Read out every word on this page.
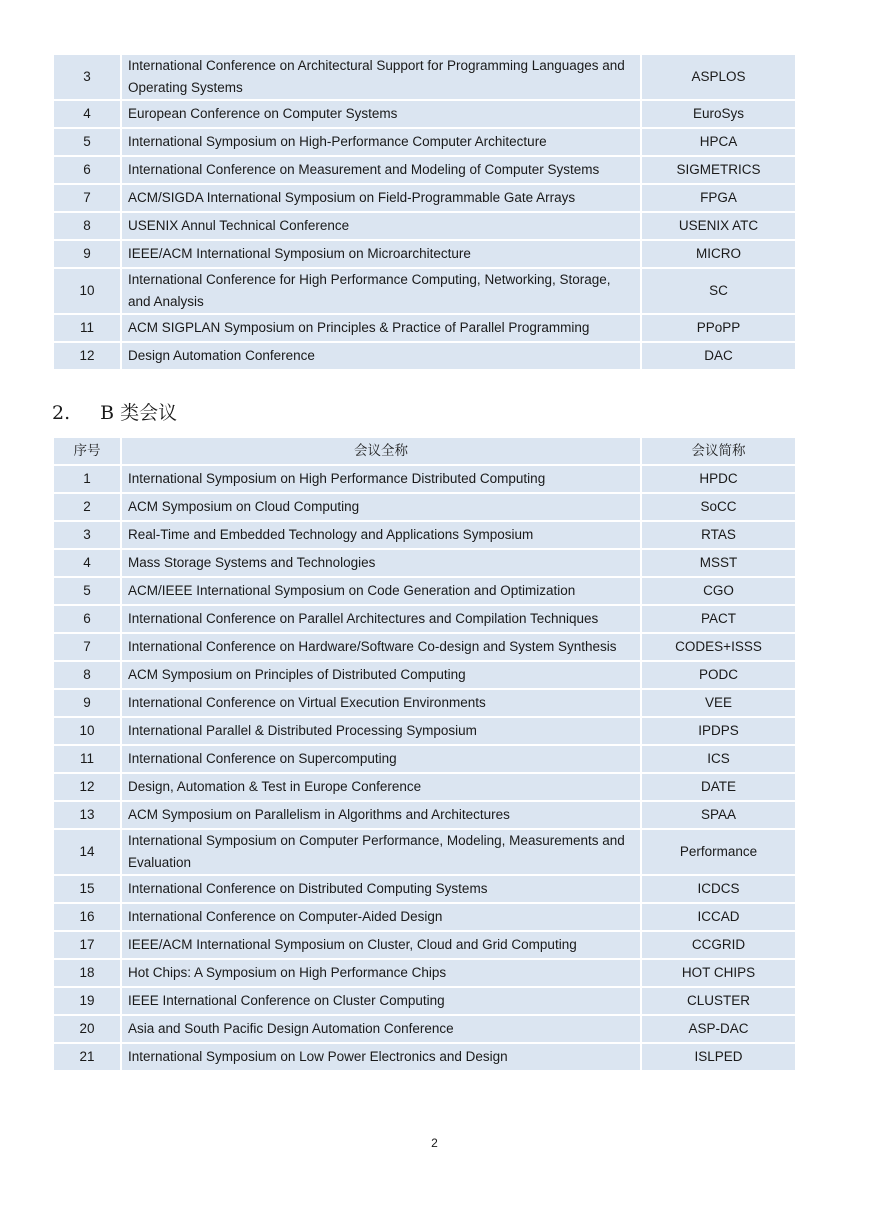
3	International Conference on Architectural Support for Programming Languages and Operating Systems	ASPLOS
4	European Conference on Computer Systems	EuroSys
5	International Symposium on High-Performance Computer Architecture	HPCA
6	International Conference on Measurement and Modeling of Computer Systems	SIGMETRICS
7	ACM/SIGDA International Symposium on Field-Programmable Gate Arrays	FPGA
8	USENIX Annul Technical Conference	USENIX ATC
9	IEEE/ACM International Symposium on Microarchitecture	MICRO
10	International Conference for High Performance Computing, Networking, Storage, and Analysis	SC
11	ACM SIGPLAN Symposium on Principles & Practice of Parallel Programming	PPoPP
12	Design Automation Conference	DAC
2. B 类会议
序号	会议全称	会议简称
1	International Symposium on High Performance Distributed Computing	HPDC
2	ACM Symposium on Cloud Computing	SoCC
3	Real-Time and Embedded Technology and Applications Symposium	RTAS
4	Mass Storage Systems and Technologies	MSST
5	ACM/IEEE International Symposium on Code Generation and Optimization	CGO
6	International Conference on Parallel Architectures and Compilation Techniques	PACT
7	International Conference on Hardware/Software Co-design and System Synthesis	CODES+ISSS
8	ACM Symposium on Principles of Distributed Computing	PODC
9	International Conference on Virtual Execution Environments	VEE
10	International Parallel & Distributed Processing Symposium	IPDPS
11	International Conference on Supercomputing	ICS
12	Design, Automation & Test in Europe Conference	DATE
13	ACM Symposium on Parallelism in Algorithms and Architectures	SPAA
14	International Symposium on Computer Performance, Modeling, Measurements and Evaluation	Performance
15	International Conference on Distributed Computing Systems	ICDCS
16	International Conference on Computer-Aided Design	ICCAD
17	IEEE/ACM International Symposium on Cluster, Cloud and Grid Computing	CCGRID
18	Hot Chips: A Symposium on High Performance Chips	HOT CHIPS
19	IEEE International Conference on Cluster Computing	CLUSTER
20	Asia and South Pacific Design Automation Conference	ASP-DAC
21	International Symposium on Low Power Electronics and Design	ISLPED
2
